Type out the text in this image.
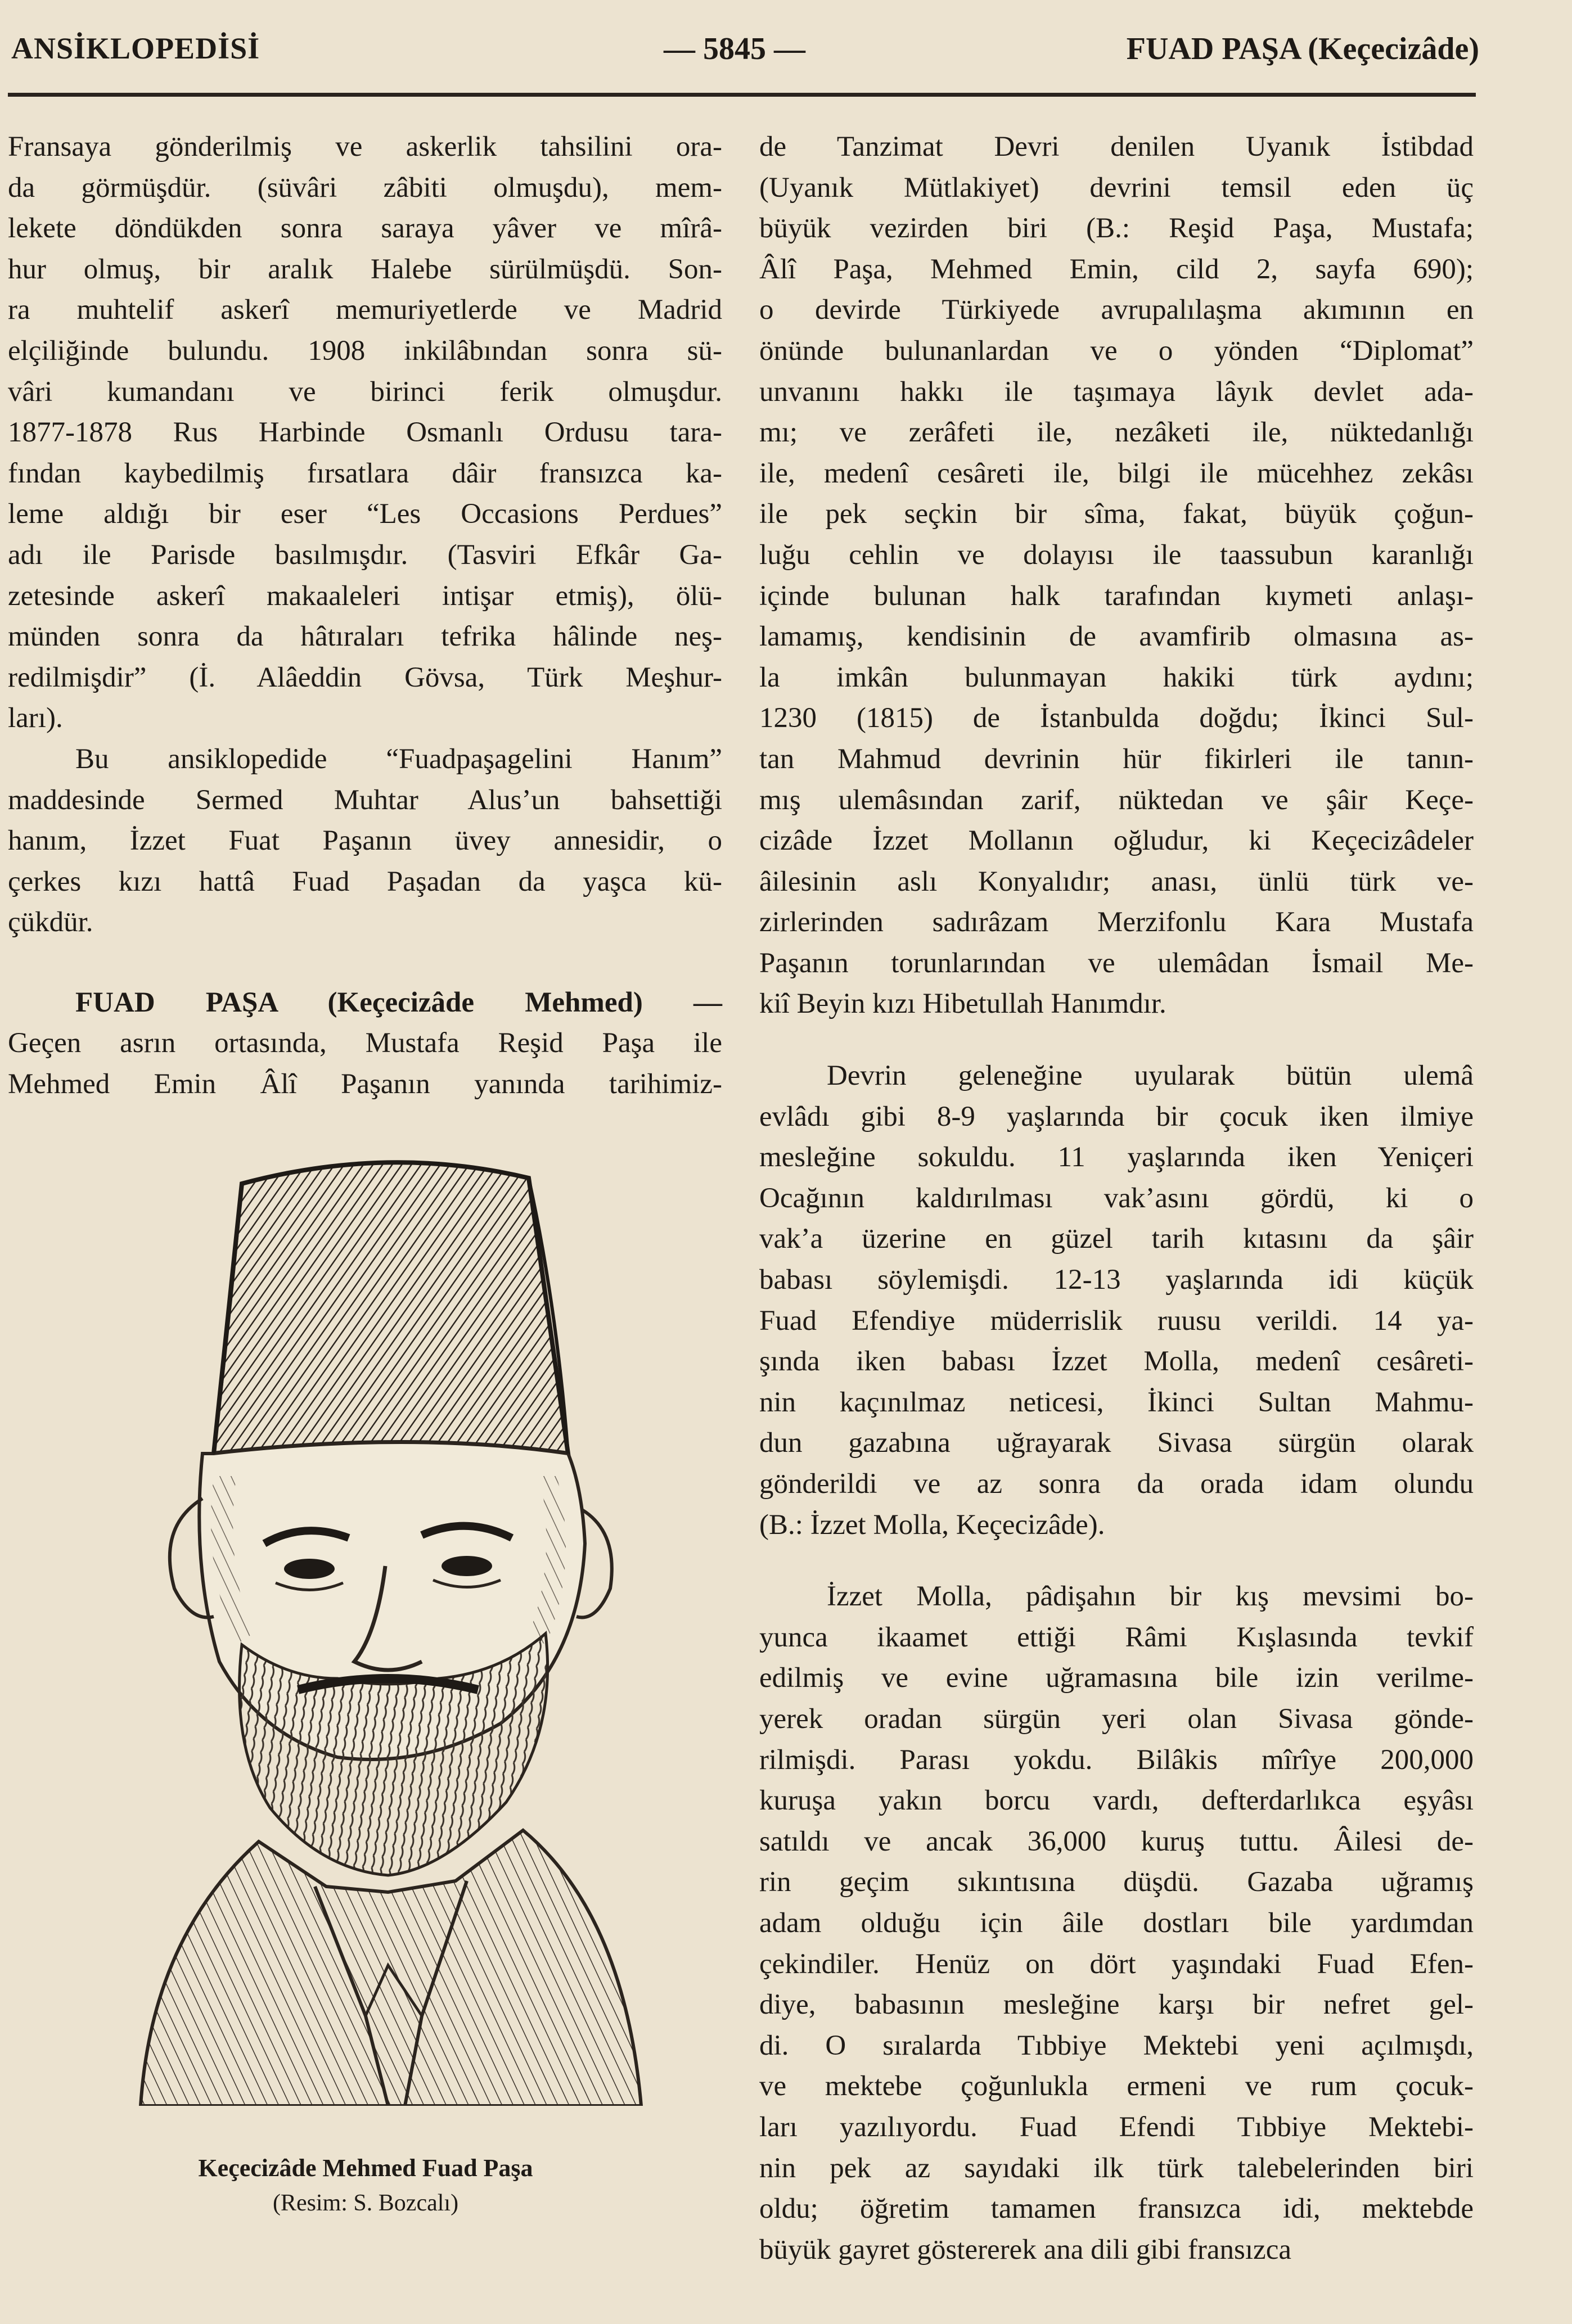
ANSİKLOPEDİSİ	— 5845 —	FUAD PAŞA (Keçecizâde)

Fransaya gönderilmiş ve askerlik tahsilini ora-
da görmüşdür. (süvâri zâbiti olmuşdu), mem-
lekete döndükden sonra saraya yâver ve mîrâ-
hur olmuş, bir aralık Halebe sürülmüşdü. Son-
ra muhtelif askerî memuriyetlerde ve Madrid
elçiliğinde bulundu. 1908 inkilâbından sonra sü-
vâri kumandanı ve birinci ferik olmuşdur.
1877-1878 Rus Harbinde Osmanlı Ordusu tara-
fından kaybedilmiş fırsatlara dâir fransızca ka-
leme aldığı bir eser “Les Occasions Perdues”
adı ile Parisde basılmışdır. (Tasviri Efkâr Ga-
zetesinde askerî makaaleleri intişar etmiş), ölü-
münden sonra da hâtıraları tefrika hâlinde neş-
redilmişdir” (İ. Alâeddin Gövsa, Türk Meşhur-
ları).

Bu ansiklopedide “Fuadpaşagelini Hanım”
maddesinde Sermed Muhtar Alus’un bahsettiği
hanım, İzzet Fuat Paşanın üvey annesidir, o
çerkes kızı hattâ Fuad Paşadan da yaşca kü-
çükdür.

FUAD PAŞA (Keçecizâde Mehmed) —
Geçen asrın ortasında, Mustafa Reşid Paşa ile
Mehmed Emin Âlî Paşanın yanında tarihimiz-

Keçecizâde Mehmed Fuad Paşa
(Resim: S. Bozcalı)

de Tanzimat Devri denilen Uyanık İstibdad
(Uyanık Mütlakiyet) devrini temsil eden üç
büyük vezirden biri (B.: Reşid Paşa, Mustafa;
Âlî Paşa, Mehmed Emin, cild 2, sayfa 690);
o devirde Türkiyede avrupalılaşma akımının en
önünde bulunanlardan ve o yönden “Diplomat”
unvanını hakkı ile taşımaya lâyık devlet ada-
mı; ve zerâfeti ile, nezâketi ile, nüktedanlığı
ile, medenî cesâreti ile, bilgi ile mücehhez zekâsı
ile pek seçkin bir sîma, fakat, büyük çoğun-
luğu cehlin ve dolayısı ile taassubun karanlığı
içinde bulunan halk tarafından kıymeti anlaşı-
lamamış, kendisinin de avamfirib olmasına as-
la imkân bulunmayan hakiki türk aydını;
1230 (1815) de İstanbulda doğdu; İkinci Sul-
tan Mahmud devrinin hür fikirleri ile tanın-
mış ulemâsından zarif, nüktedan ve şâir Keçe-
cizâde İzzet Mollanın oğludur, ki Keçecizâdeler
âilesinin aslı Konyalıdır; anası, ünlü türk ve-
zirlerinden sadırâzam Merzifonlu Kara Mustafa
Paşanın torunlarından ve ulemâdan İsmail Me-
kiî Beyin kızı Hibetullah Hanımdır.

Devrin geleneğine uyularak bütün ulemâ
evlâdı gibi 8-9 yaşlarında bir çocuk iken ilmiye
mesleğine sokuldu. 11 yaşlarında iken Yeniçeri
Ocağının kaldırılması vak’asını gördü, ki o
vak’a üzerine en güzel tarih kıtasını da şâir
babası söylemişdi. 12-13 yaşlarında idi küçük
Fuad Efendiye müderrislik ruusu verildi. 14 ya-
şında iken babası İzzet Molla, medenî cesâreti-
nin kaçınılmaz neticesi, İkinci Sultan Mahmu-
dun gazabına uğrayarak Sivasa sürgün olarak
gönderildi ve az sonra da orada idam olundu
(B.: İzzet Molla, Keçecizâde).

İzzet Molla, pâdişahın bir kış mevsimi bo-
yunca ikaamet ettiği Râmi Kışlasında tevkif
edilmiş ve evine uğramasına bile izin verilme-
yerek oradan sürgün yeri olan Sivasa gönde-
rilmişdi. Parası yokdu. Bilâkis mîrîye 200,000
kuruşa yakın borcu vardı, defterdarlıkca eşyâsı
satıldı ve ancak 36,000 kuruş tuttu. Âilesi de-
rin geçim sıkıntısına düşdü. Gazaba uğramış
adam olduğu için âile dostları bile yardımdan
çekindiler. Henüz on dört yaşındaki Fuad Efen-
diye, babasının mesleğine karşı bir nefret gel-
di. O sıralarda Tıbbiye Mektebi yeni açılmışdı,
ve mektebe çoğunlukla ermeni ve rum çocuk-
ları yazılıyordu. Fuad Efendi Tıbbiye Mektebi-
nin pek az sayıdaki ilk türk talebelerinden biri
oldu; öğretim tamamen fransızca idi, mektebde
büyük gayret göstererek ana dili gibi fransızca
